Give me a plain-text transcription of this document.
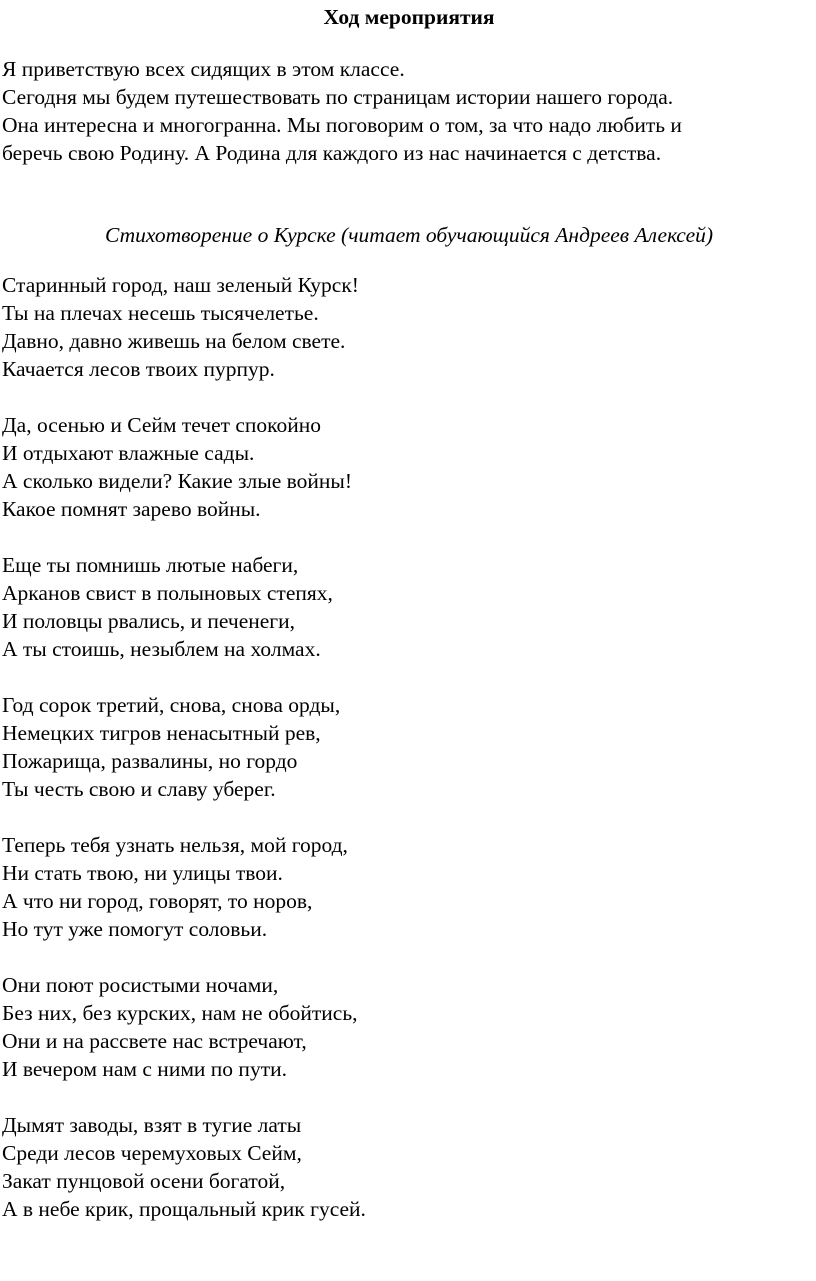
Ход мероприятия
Я приветствую всех сидящих в этом классе.
Сегодня мы будем путешествовать по страницам истории нашего города.
Она интересна и многогранна. Мы поговорим о том, за что надо любить и
беречь свою Родину. А Родина для каждого из нас начинается с детства.
Стихотворение о Курске (читает обучающийся Андреев Алексей)
Старинный город, наш зеленый Курск!
Ты на плечах несешь тысячелетье.
Давно, давно живешь на белом свете.
Качается лесов твоих пурпур.
Да, осенью и Сейм течет спокойно
И отдыхают влажные сады.
А сколько видели? Какие злые войны!
Какое помнят зарево войны.
Еще ты помнишь лютые набеги,
Арканов свист в полыновых степях,
И половцы рвались, и печенеги,
А ты стоишь, незыблем на холмах.
Год сорок третий, снова, снова орды,
Немецких тигров ненасытный рев,
Пожарища, развалины, но гордо
Ты честь свою и славу уберег.
Теперь тебя узнать нельзя, мой город,
Ни стать твою, ни улицы твои.
А что ни город, говорят, то норов,
Но тут уже помогут соловьи.
Они поют росистыми ночами,
Без них, без курских, нам не обойтись,
Они и на рассвете нас встречают,
И вечером нам с ними по пути.
Дымят заводы, взят в тугие латы
Среди лесов черемуховых Сейм,
Закат пунцовой осени богатой,
А в небе крик, прощальный крик гусей.
